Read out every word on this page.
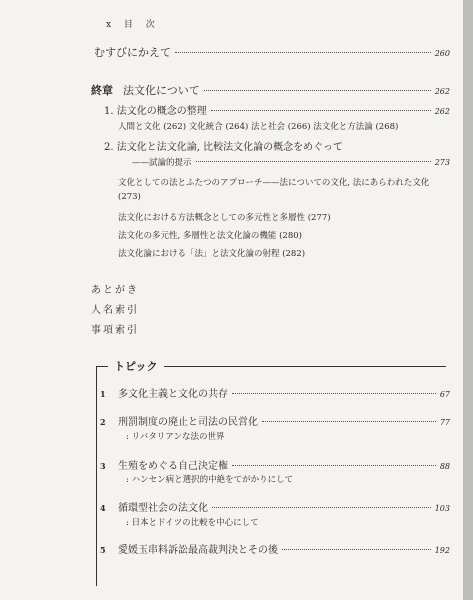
x 目 次
むすびにかえて	260
終章 法文化について	262
1. 法文化の概念の整理	262
人間と文化 (262) 文化統合 (264) 法と社会 (266) 法文化と方法論 (268)
2. 法文化と法文化論, 比較法文化論の概念をめぐって
——試論的提示	273
文化としての法とふたつのアプローチ——法についての文化, 法にあらわれた文化
(273)
法文化における方法概念としての多元性と多層性 (277)
法文化の多元性, 多層性と法文化論の機能 (280)
法文化論における「法」と法文化論の射程 (282)
あとがき
人名索引
事項索引
トピック
1	多文化主義と文化の共存	67
2	刑罰制度の廃止と司法の民営化	77
: リバタリアンな法の世界
3	生殖をめぐる自己決定権	88
: ハンセン病と選択的中絶をてがかりにして
4	循環型社会の法文化	103
: 日本とドイツの比較を中心にして
5	愛媛玉串料訴訟最高裁判決とその後	192
